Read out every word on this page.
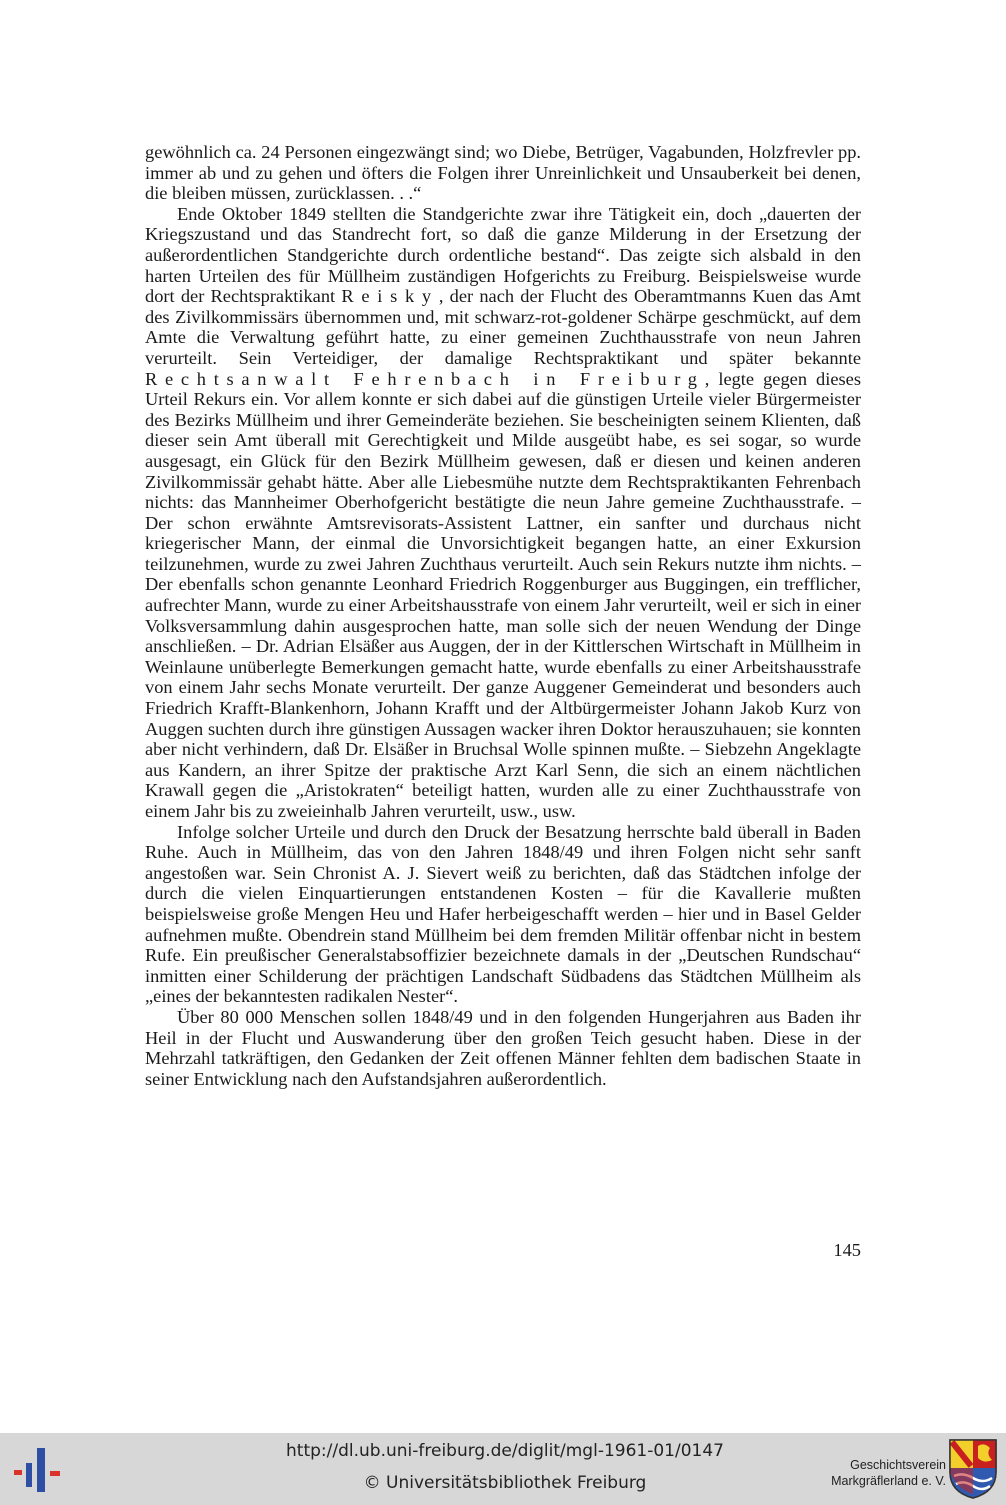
gewöhnlich ca. 24 Personen eingezwängt sind; wo Diebe, Betrüger, Vagabunden, Holzfrevler pp. immer ab und zu gehen und öfters die Folgen ihrer Unreinlichkeit und Unsauberkeit bei denen, die bleiben müssen, zurücklassen. . .“

Ende Oktober 1849 stellten die Standgerichte zwar ihre Tätigkeit ein, doch „dauerten der Kriegszustand und das Standrecht fort, so daß die ganze Milderung in der Ersetzung der außerordentlichen Standgerichte durch ordentliche bestand“. Das zeigte sich alsbald in den harten Urteilen des für Müllheim zuständigen Hofgerichts zu Freiburg. Beispielsweise wurde dort der Rechtspraktikant Reisky, der nach der Flucht des Oberamtmanns Kuen das Amt des Zivilkommissärs übernommen und, mit schwarz-rot-goldener Schärpe geschmückt, auf dem Amte die Verwaltung geführt hatte, zu einer gemeinen Zuchthausstrafe von neun Jahren verurteilt. Sein Verteidiger, der damalige Rechtspraktikant und später bekannte Rechtsanwalt Fehrenbach in Freiburg, legte gegen dieses Urteil Rekurs ein. Vor allem konnte er sich dabei auf die günstigen Urteile vieler Bürgermeister des Bezirks Müllheim und ihrer Gemeinderäte beziehen. Sie bescheinigten seinem Klienten, daß dieser sein Amt überall mit Gerechtigkeit und Milde ausgeübt habe, es sei sogar, so wurde ausgesagt, ein Glück für den Bezirk Müllheim gewesen, daß er diesen und keinen anderen Zivilkommissär gehabt hätte. Aber alle Liebesmühe nutzte dem Rechtspraktikanten Fehrenbach nichts: das Mannheimer Oberhofgericht bestätigte die neun Jahre gemeine Zuchthausstrafe. – Der schon erwähnte Amtsrevisorats-Assistent Lattner, ein sanfter und durchaus nicht kriegerischer Mann, der einmal die Unvorsichtigkeit begangen hatte, an einer Exkursion teilzunehmen, wurde zu zwei Jahren Zuchthaus verurteilt. Auch sein Rekurs nutzte ihm nichts. – Der ebenfalls schon genannte Leonhard Friedrich Roggenburger aus Buggingen, ein trefflicher, aufrechter Mann, wurde zu einer Arbeitshausstrafe von einem Jahr verurteilt, weil er sich in einer Volksversammlung dahin ausgesprochen hatte, man solle sich der neuen Wendung der Dinge anschließen. – Dr. Adrian Elsäßer aus Auggen, der in der Kittlerschen Wirtschaft in Müllheim in Weinlaune unüberlegte Bemerkungen gemacht hatte, wurde ebenfalls zu einer Arbeitshausstrafe von einem Jahr sechs Monate verurteilt. Der ganze Auggener Gemeinderat und besonders auch Friedrich Krafft-Blankenhorn, Johann Krafft und der Altbürgermeister Johann Jakob Kurz von Auggen suchten durch ihre günstigen Aussagen wacker ihren Doktor herauszuhauen; sie konnten aber nicht verhindern, daß Dr. Elsäßer in Bruchsal Wolle spinnen mußte. – Siebzehn Angeklagte aus Kandern, an ihrer Spitze der praktische Arzt Karl Senn, die sich an einem nächtlichen Krawall gegen die „Aristokraten“ beteiligt hatten, wurden alle zu einer Zuchthausstrafe von einem Jahr bis zu zweieinhalb Jahren verurteilt, usw., usw.

Infolge solcher Urteile und durch den Druck der Besatzung herrschte bald überall in Baden Ruhe. Auch in Müllheim, das von den Jahren 1848/49 und ihren Folgen nicht sehr sanft angestoßen war. Sein Chronist A. J. Sievert weiß zu berichten, daß das Städtchen infolge der durch die vielen Einquartierungen entstandenen Kosten – für die Kavallerie mußten beispielsweise große Mengen Heu und Hafer herbeigeschafft werden – hier und in Basel Gelder aufnehmen mußte. Obendrein stand Müllheim bei dem fremden Militär offenbar nicht in bestem Rufe. Ein preußischer Generalstabsoffizier bezeichnete damals in der „Deutschen Rundschau“ inmitten einer Schilderung der prächtigen Landschaft Südbadens das Städtchen Müllheim als „eines der bekanntesten radikalen Nester“.

Über 80 000 Menschen sollen 1848/49 und in den folgenden Hungerjahren aus Baden ihr Heil in der Flucht und Auswanderung über den großen Teich gesucht haben. Diese in der Mehrzahl tatkräftigen, den Gedanken der Zeit offenen Männer fehlten dem badischen Staate in seiner Entwicklung nach den Aufstandsjahren außerordentlich.

145
http://dl.ub.uni-freiburg.de/diglit/mgl-1961-01/0147
© Universitätsbibliothek Freiburg
Geschichtsverein
Markgräflerland e. V.
